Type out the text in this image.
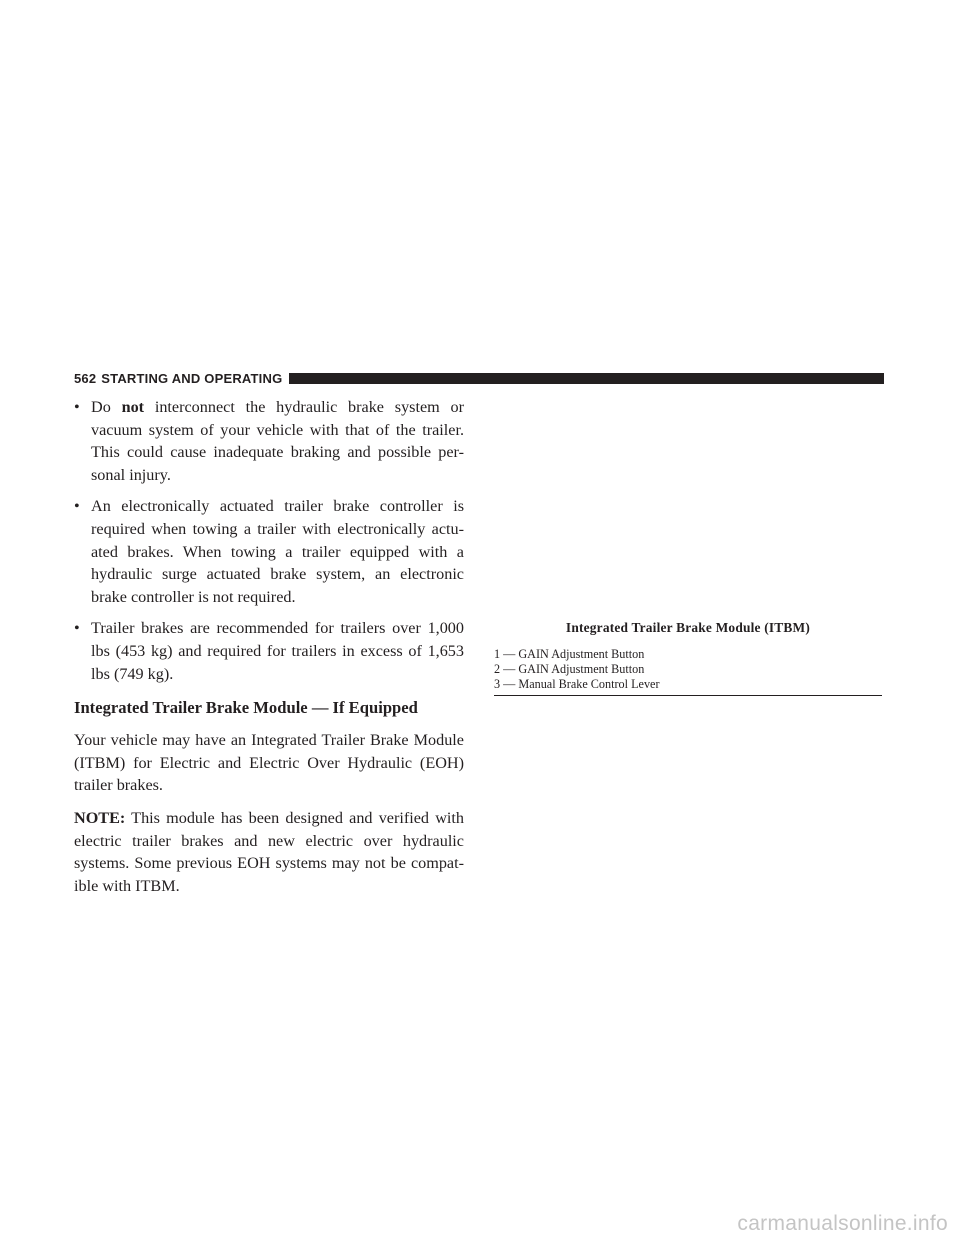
562 STARTING AND OPERATING
• Do not interconnect the hydraulic brake system or vacuum system of your vehicle with that of the trailer. This could cause inadequate braking and possible per-sonal injury.
• An electronically actuated trailer brake controller is required when towing a trailer with electronically actu-ated brakes. When towing a trailer equipped with a hydraulic surge actuated brake system, an electronic brake controller is not required.
• Trailer brakes are recommended for trailers over 1,000 lbs (453 kg) and required for trailers in excess of 1,653 lbs (749 kg).
Integrated Trailer Brake Module — If Equipped

Your vehicle may have an Integrated Trailer Brake Module (ITBM) for Electric and Electric Over Hydraulic (EOH) trailer brakes.

NOTE: This module has been designed and verified with electric trailer brakes and new electric over hydraulic systems. Some previous EOH systems may not be compat-ible with ITBM.

Integrated Trailer Brake Module (ITBM)
1 — GAIN Adjustment Button
2 — GAIN Adjustment Button
3 — Manual Brake Control Lever
carmanualsonline.info
